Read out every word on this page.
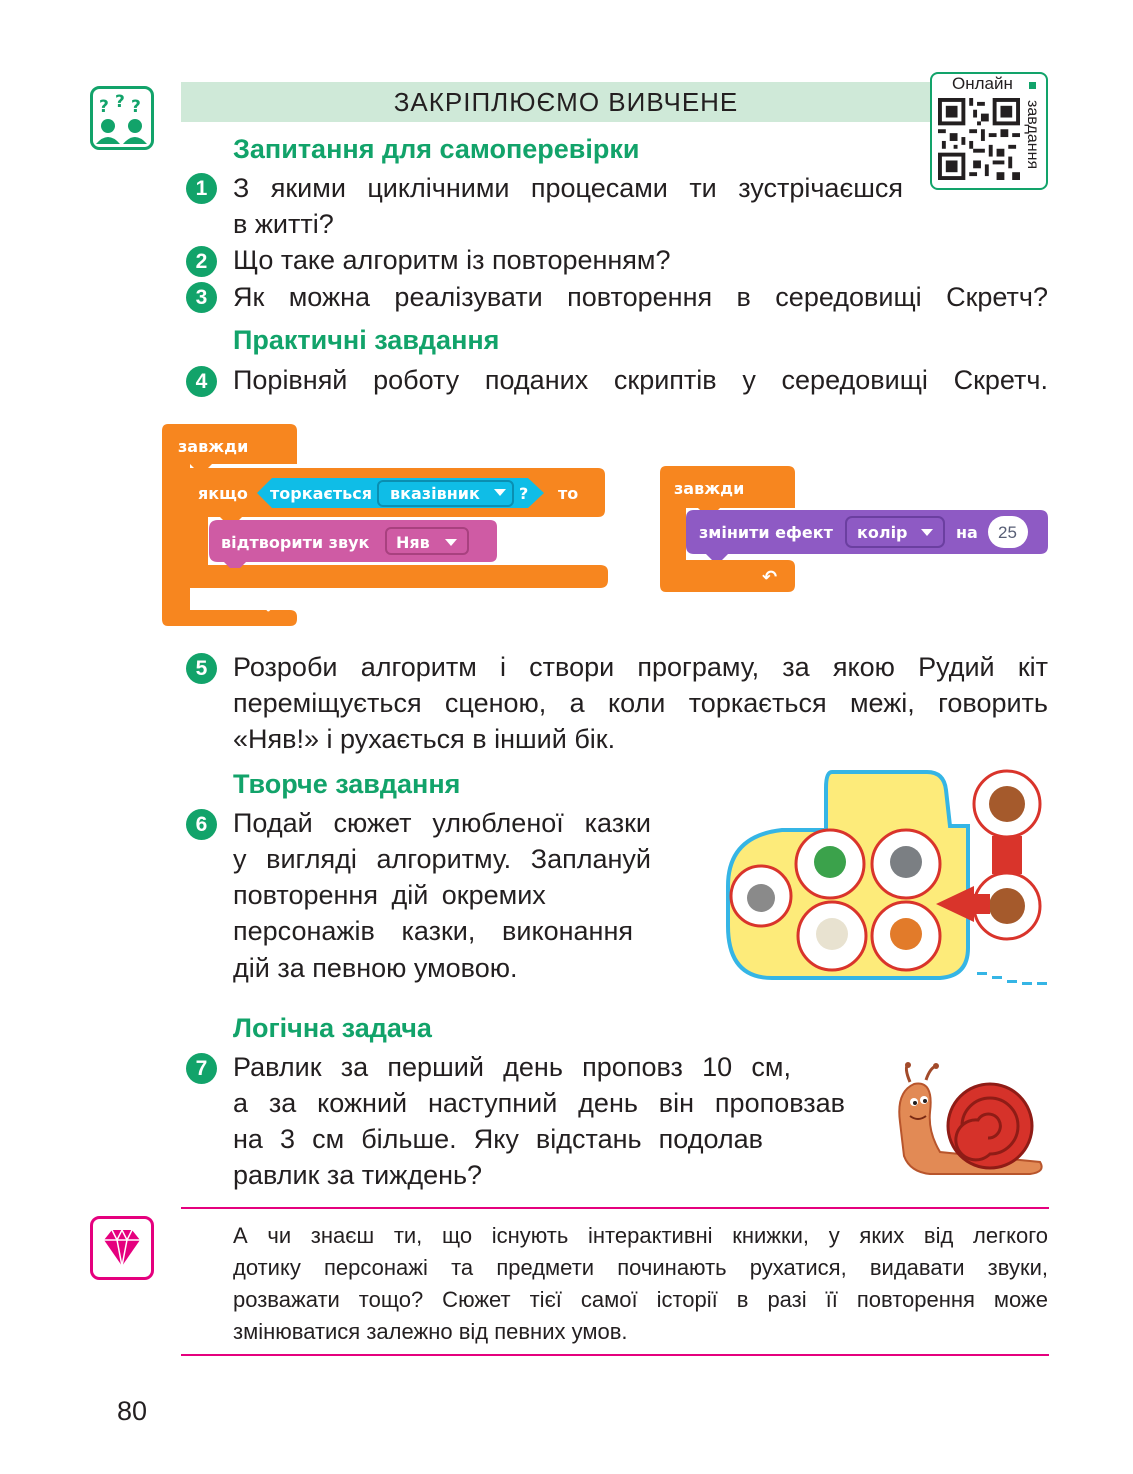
? ? ?	ЗАКРІПЛЮЄМО ВИВЧЕНЕ
Онлайн
завдання
Запитання для самоперевірки
1 З якими циклічними процесами ти зустрічаєшся
в житті?
2 Що таке алгоритм із повторенням?
3 Як можна реалізувати повторення в середовищі Скретч?
Практичні завдання
4 Порівняй роботу поданих скриптів у середовищі Скретч.
↶
завжди
якщо торкається вказівник ? то
відтворити звук Няв
↶
завжди
змінити ефект колір	на 25
5 Розроби алгоритм і створи програму, за якою Рудий кіт
переміщується сценою, а коли торкається межі, говорить
«Няв!» і рухається в інший бік.
Творче завдання
6 Подай сюжет улюбленої казки
у вигляді алгоритму. Заплануй
повторення дій окремих
персонажів казки, виконання
дій за певною умовою.
Логічна задача
7 Равлик за перший день проповз 10 см,
а за кожний наступний день він проповзав
на 3 см більше. Яку відстань подолав
равлик за тиждень?
А чи знаєш ти, що існують інтерактивні книжки, у яких від легкого
дотику персонажі та предмети починають рухатися, видавати звуки,
розважати тощо? Сюжет тієї самої історії в разі її повторення може
змінюватися залежно від певних умов.
80
